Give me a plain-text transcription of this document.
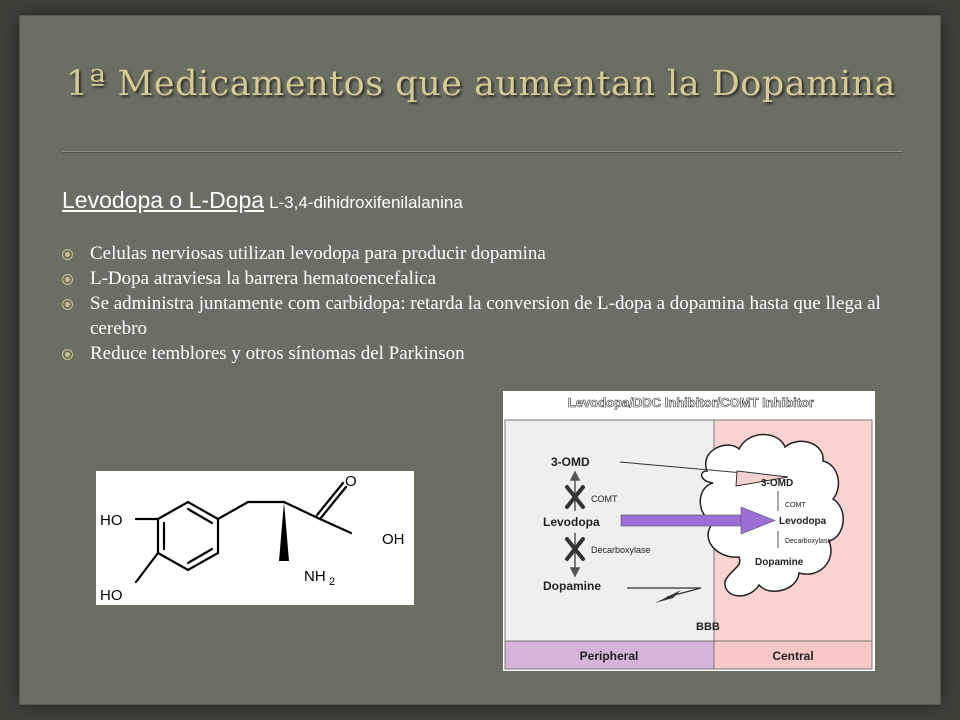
1ª Medicamentos que aumentan la Dopamina
Levodopa o L-Dopa L-3,4-dihidroxifenilalanina
Celulas nerviosas utilizan levodopa para producir dopamina
L-Dopa atraviesa la barrera hematoencefalica
Se administra juntamente com carbidopa: retarda la conversion de L-dopa a dopamina hasta que llega al cerebro
Reduce temblores y otros síntomas del Parkinson
HO
HO
O
OH
NH 2
Levodopa/DDC Inhibitor/COMT Inhibitor
3-OMD
COMT
Levodopa
Decarboxylase
Dopamine
3-OMD
COMT
Levodopa
Decarboxylase
Dopamine
BBB
Peripheral	Central
